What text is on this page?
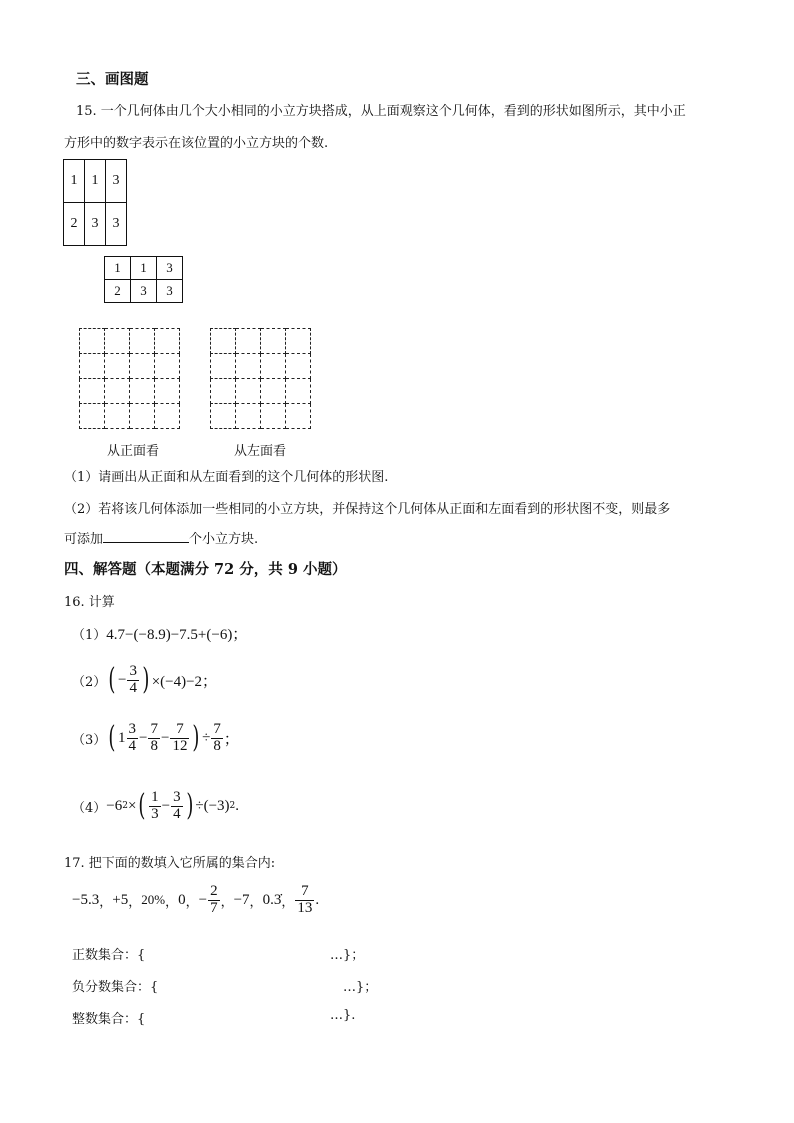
三、画图题
15. 一个几何体由几个大小相同的小立方块搭成，从上面观察这个几何体，看到的形状如图所示，其中小正
方形中的数字表示在该位置的小立方块的个数.
1	1	3
2	3	3
1	1	3
2	3	3

从正面看	从左面看
（1）请画出从正面和从左面看到的这个几何体的形状图.
（2）若将该几何体添加一些相同的小立方块，并保持这个几何体从正面和左面看到的形状图不变，则最多
可添加	个小立方块.
四、解答题（本题满分 72 分，共 9 小题）
16. 计算
（1） 4.7−(−8.9)−7.5+(−6)；
（2） ( − $\frac{3}{4}$ ) ×(−4)−2；
（3） ( $1 \frac{3}{4} - \frac{7}{8} - \frac{7}{12}$ ) ÷ $\frac{7}{8}$ ；
（4） −6 2 × ( $\frac{1}{3} - \frac{3}{4}$ ) ÷(−3) 2 .
17. 把下面的数填入它所属的集合内:
−5.3 ， +5 ， 20% ， 0 ， − $\frac{2}{7}$ ， −7 ， 0.3̇ ， $\frac{7}{13}$ .
正数集合：{	…}；
负分数集合：{	…}；
整数集合：{	…}.
